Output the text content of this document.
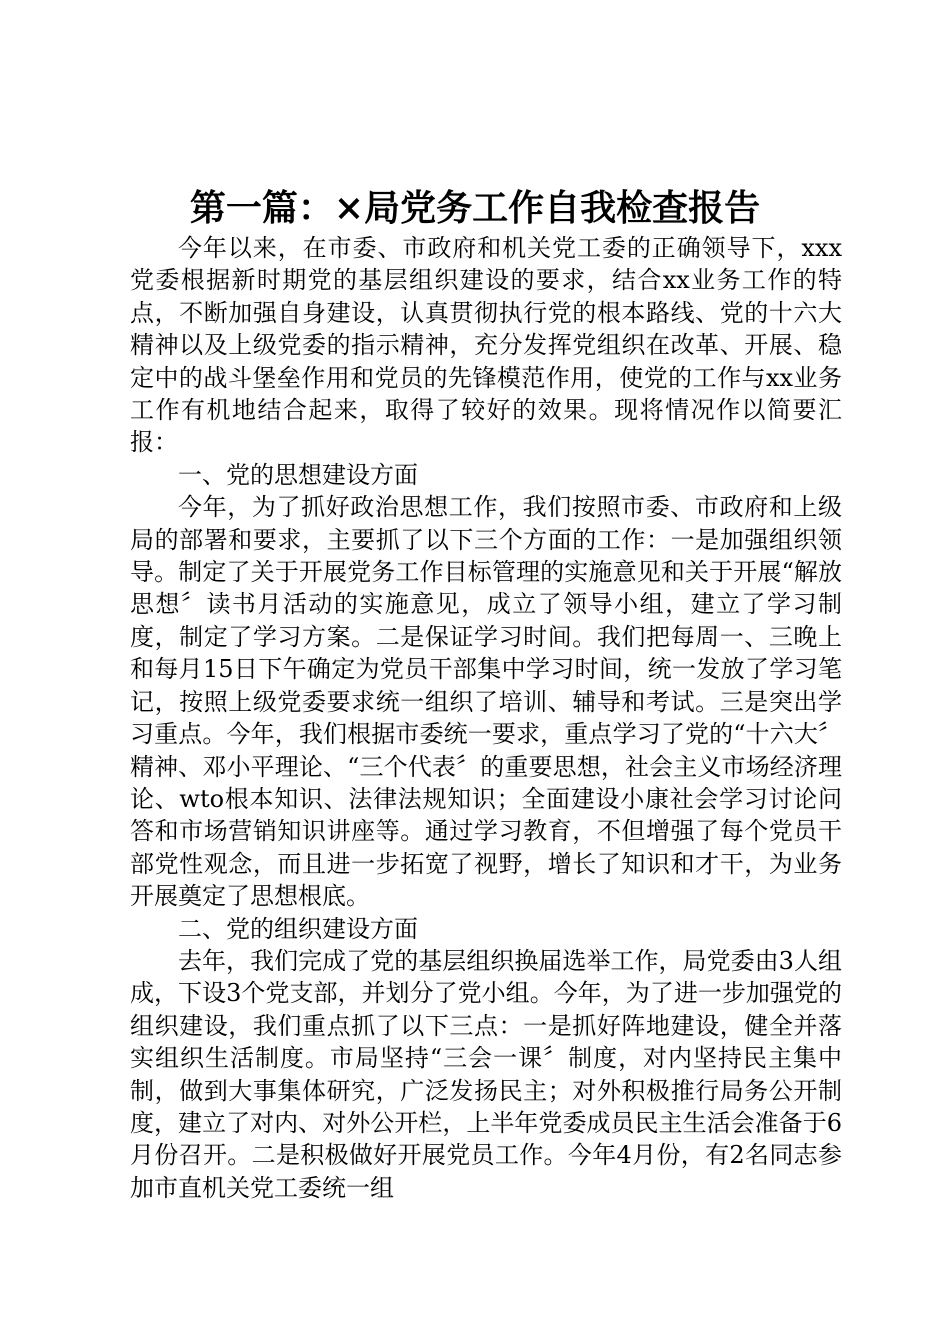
第一篇：×局党务工作自我检查报告

今年以来，在市委、市政府和机关党工委的正确领导下，xxx党委根据新时期党的基层组织建设的要求，结合xx业务工作的特点，不断加强自身建设，认真贯彻执行党的根本路线、党的十六大精神以及上级党委的指示精神，充分发挥党组织在改革、开展、稳定中的战斗堡垒作用和党员的先锋模范作用，使党的工作与xx业务工作有机地结合起来，取得了较好的效果。现将情况作以简要汇报：

一、党的思想建设方面

今年，为了抓好政治思想工作，我们按照市委、市政府和上级局的部署和要求，主要抓了以下三个方面的工作：一是加强组织领导。制定了关于开展党务工作目标管理的实施意见和关于开展“解放思想〞读书月活动的实施意见，成立了领导小组，建立了学习制度，制定了学习方案。二是保证学习时间。我们把每周一、三晚上和每月15日下午确定为党员干部集中学习时间，统一发放了学习笔记，按照上级党委要求统一组织了培训、辅导和考试。三是突出学习重点。今年，我们根据市委统一要求，重点学习了党的“十六大〞精神、邓小平理论、“三个代表〞的重要思想，社会主义市场经济理论、wto根本知识、法律法规知识；全面建设小康社会学习讨论问答和市场营销知识讲座等。通过学习教育，不但增强了每个党员干部党性观念，而且进一步拓宽了视野，增长了知识和才干，为业务开展奠定了思想根底。

二、党的组织建设方面

去年，我们完成了党的基层组织换届选举工作，局党委由3人组成，下设3个党支部，并划分了党小组。今年，为了进一步加强党的组织建设，我们重点抓了以下三点：一是抓好阵地建设，健全并落实组织生活制度。市局坚持“三会一课〞制度，对内坚持民主集中制，做到大事集体研究，广泛发扬民主；对外积极推行局务公开制度，建立了对内、对外公开栏，上半年党委成员民主生活会准备于6月份召开。二是积极做好开展党员工作。今年4月份，有2名同志参加市直机关党工委统一组
